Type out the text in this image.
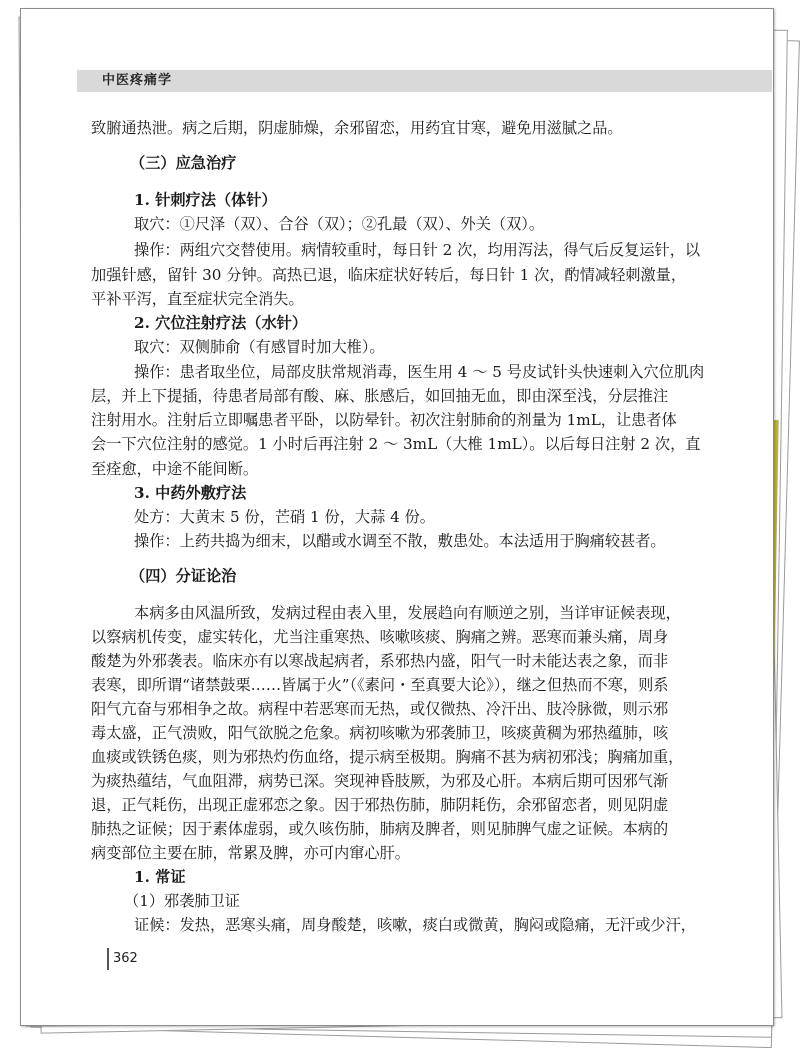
中医疼痛学
致腑通热泄。病之后期，阴虚肺燥，余邪留恋，用药宜甘寒，避免用滋腻之品。
（三）应急治疗
1. 针刺疗法（体针）
取穴：①尺泽（双）、合谷（双）；②孔最（双）、外关（双）。
操作：两组穴交替使用。病情较重时，每日针 2 次，均用泻法，得气后反复运针，以
加强针感，留针 30 分钟。高热已退，临床症状好转后，每日针 1 次，酌情减轻刺激量，
平补平泻，直至症状完全消失。
2. 穴位注射疗法（水针）
取穴：双侧肺俞（有感冒时加大椎）。
操作：患者取坐位，局部皮肤常规消毒，医生用 4 ～ 5 号皮试针头快速刺入穴位肌肉
层，并上下提插，待患者局部有酸、麻、胀感后，如回抽无血，即由深至浅，分层推注
注射用水。注射后立即嘱患者平卧，以防晕针。初次注射肺俞的剂量为 1mL，让患者体
会一下穴位注射的感觉。1 小时后再注射 2 ～ 3mL（大椎 1mL）。以后每日注射 2 次，直
至痊愈，中途不能间断。
3. 中药外敷疗法
处方：大黄末 5 份，芒硝 1 份，大蒜 4 份。
操作：上药共捣为细末，以醋或水调至不散，敷患处。本法适用于胸痛较甚者。
（四）分证论治
本病多由风温所致，发病过程由表入里，发展趋向有顺逆之别，当详审证候表现，
以察病机传变，虚实转化，尤当注重寒热、咳嗽咳痰、胸痛之辨。恶寒而兼头痛，周身
酸楚为外邪袭表。临床亦有以寒战起病者，系邪热内盛，阳气一时未能达表之象，而非
表寒，即所谓“诸禁鼓栗……皆属于火”（《素问・至真要大论》），继之但热而不寒，则系
阳气亢奋与邪相争之故。病程中若恶寒而无热，或仅微热、冷汗出、肢冷脉微，则示邪
毒太盛，正气溃败，阳气欲脱之危象。病初咳嗽为邪袭肺卫，咳痰黄稠为邪热蕴肺，咳
血痰或铁锈色痰，则为邪热灼伤血络，提示病至极期。胸痛不甚为病初邪浅；胸痛加重，
为痰热蕴结，气血阻滞，病势已深。突现神昏肢厥，为邪及心肝。本病后期可因邪气渐
退，正气耗伤，出现正虚邪恋之象。因于邪热伤肺，肺阴耗伤，余邪留恋者，则见阴虚
肺热之证候；因于素体虚弱，或久咳伤肺，肺病及脾者，则见肺脾气虚之证候。本病的
病变部位主要在肺，常累及脾，亦可内窜心肝。
1. 常证
（1）邪袭肺卫证
证候：发热，恶寒头痛，周身酸楚，咳嗽，痰白或微黄，胸闷或隐痛，无汗或少汗，
362
